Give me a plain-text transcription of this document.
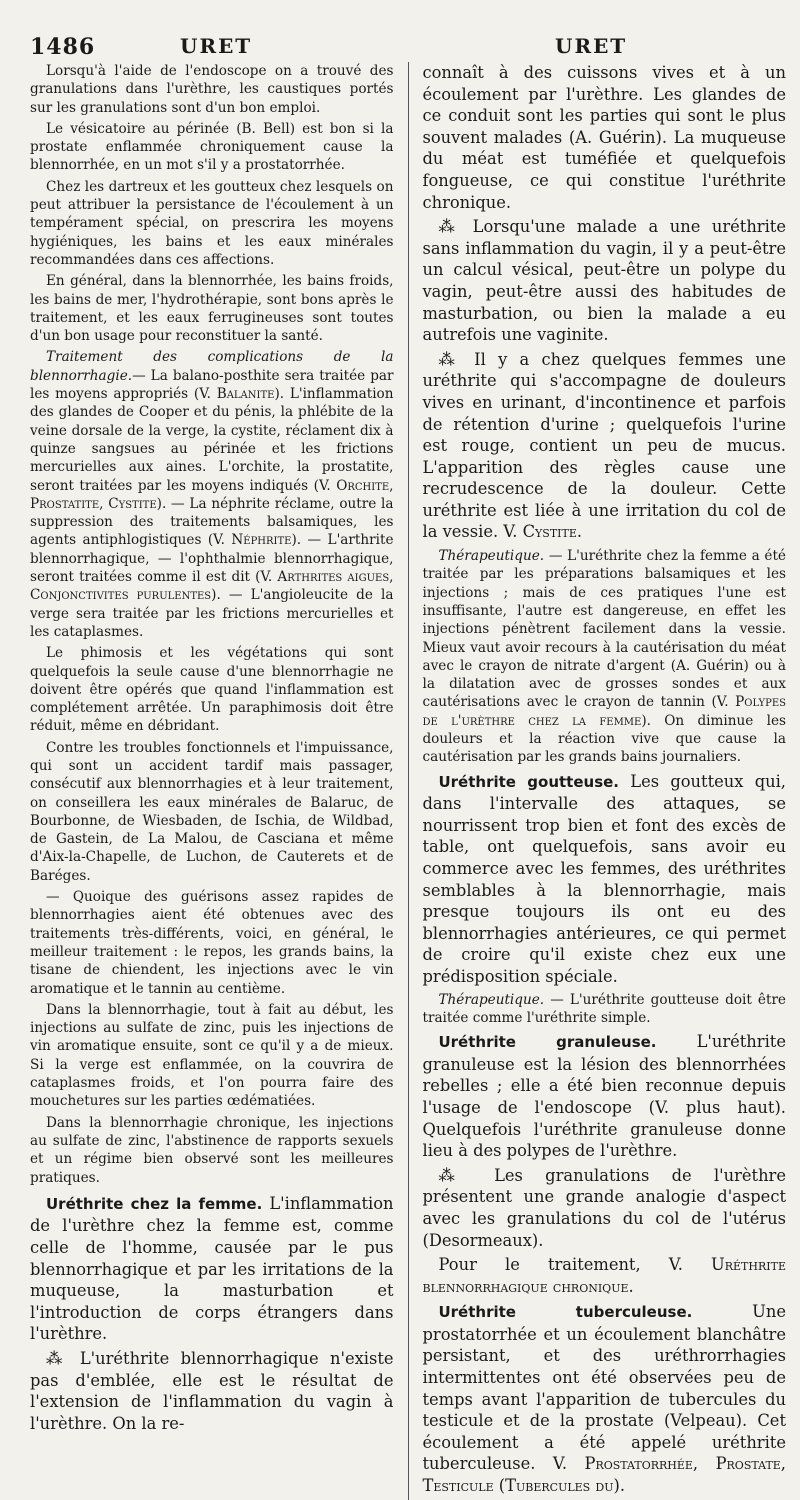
1486	URET	URET

Lorsqu'à l'aide de l'endoscope on a trouvé des granulations dans l'urèthre, les caustiques portés sur les granulations sont d'un bon emploi.

Le vésicatoire au périnée (B. Bell) est bon si la prostate enflammée chroniquement cause la blennorrhée, en un mot s'il y a prostatorrhée.

Chez les dartreux et les goutteux chez lesquels on peut attribuer la persistance de l'écoulement à un tempérament spécial, on prescrira les moyens hygiéniques, les bains et les eaux minérales recommandées dans ces affections.

En général, dans la blennorrhée, les bains froids, les bains de mer, l'hydrothérapie, sont bons après le traitement, et les eaux ferrugineuses sont toutes d'un bon usage pour reconstituer la santé.

Traitement des complications de la blennorrhagie.— La balano-posthite sera traitée par les moyens appropriés (V. Balanite). L'inflammation des glandes de Cooper et du pénis, la phlébite de la veine dorsale de la verge, la cystite, réclament dix à quinze sangsues au périnée et les frictions mercurielles aux aines. L'orchite, la prostatite, seront traitées par les moyens indiqués (V. Orchite, Prostatite, Cystite). — La néphrite réclame, outre la suppression des traitements balsamiques, les agents antiphlogistiques (V. Néphrite). — L'arthrite blennorrhagique, — l'ophthalmie blennorrhagique, seront traitées comme il est dit (V. Arthrites aigues, Conjonctivites purulentes). — L'angioleucite de la verge sera traitée par les frictions mercurielles et les cataplasmes.

Le phimosis et les végétations qui sont quelquefois la seule cause d'une blennorrhagie ne doivent être opérés que quand l'inflammation est complétement arrêtée. Un paraphimosis doit être réduit, même en débridant.

Contre les troubles fonctionnels et l'impuissance, qui sont un accident tardif mais passager, consécutif aux blennorrhagies et à leur traitement, on conseillera les eaux minérales de Balaruc, de Bourbonne, de Wiesbaden, de Ischia, de Wildbad, de Gastein, de La Malou, de Casciana et même d'Aix-la-Chapelle, de Luchon, de Cauterets et de Baréges.

— Quoique des guérisons assez rapides de blennorrhagies aient été obtenues avec des traitements très-différents, voici, en général, le meilleur traitement : le repos, les grands bains, la tisane de chiendent, les injections avec le vin aromatique et le tannin au centième.

Dans la blennorrhagie, tout à fait au début, les injections au sulfate de zinc, puis les injections de vin aromatique ensuite, sont ce qu'il y a de mieux. Si la verge est enflammée, on la couvrira de cataplasmes froids, et l'on pourra faire des mouchetures sur les parties œdématiées.

Dans la blennorrhagie chronique, les injections au sulfate de zinc, l'abstinence de rapports sexuels et un régime bien observé sont les meilleures pratiques.

Uréthrite chez la femme. L'inflammation de l'urèthre chez la femme est, comme celle de l'homme, causée par le pus blennorrhagique et par les irritations de la muqueuse, la masturbation et l'introduction de corps étrangers dans l'urèthre.

⁂ L'uréthrite blennorrhagique n'existe pas d'emblée, elle est le résultat de l'extension de l'inflammation du vagin à l'urèthre. On la re-

connaît à des cuissons vives et à un écoulement par l'urèthre. Les glandes de ce conduit sont les parties qui sont le plus souvent malades (A. Guérin). La muqueuse du méat est tuméfiée et quelquefois fongueuse, ce qui constitue l'uréthrite chronique.

⁂ Lorsqu'une malade a une uréthrite sans inflammation du vagin, il y a peut-être un calcul vésical, peut-être un polype du vagin, peut-être aussi des habitudes de masturbation, ou bien la malade a eu autrefois une vaginite.

⁂ Il y a chez quelques femmes une uréthrite qui s'accompagne de douleurs vives en urinant, d'incontinence et parfois de rétention d'urine ; quelquefois l'urine est rouge, contient un peu de mucus. L'apparition des règles cause une recrudescence de la douleur. Cette uréthrite est liée à une irritation du col de la vessie. V. Cystite.

Thérapeutique. — L'uréthrite chez la femme a été traitée par les préparations balsamiques et les injections ; mais de ces pratiques l'une est insuffisante, l'autre est dangereuse, en effet les injections pénètrent facilement dans la vessie. Mieux vaut avoir recours à la cautérisation du méat avec le crayon de nitrate d'argent (A. Guérin) ou à la dilatation avec de grosses sondes et aux cautérisations avec le crayon de tannin (V. Polypes de l'urèthre chez la femme). On diminue les douleurs et la réaction vive que cause la cautérisation par les grands bains journaliers.

Uréthrite goutteuse. Les goutteux qui, dans l'intervalle des attaques, se nourrissent trop bien et font des excès de table, ont quelquefois, sans avoir eu commerce avec les femmes, des uréthrites semblables à la blennorrhagie, mais presque toujours ils ont eu des blennorrhagies antérieures, ce qui permet de croire qu'il existe chez eux une prédisposition spéciale.

Thérapeutique. — L'uréthrite goutteuse doit être traitée comme l'uréthrite simple.

Uréthrite granuleuse. L'uréthrite granuleuse est la lésion des blennorrhées rebelles ; elle a été bien reconnue depuis l'usage de l'endoscope (V. plus haut). Quelquefois l'uréthrite granuleuse donne lieu à des polypes de l'urèthre.

⁂ Les granulations de l'urèthre présentent une grande analogie d'aspect avec les granulations du col de l'utérus (Desormeaux).

Pour le traitement, V. Uréthrite blennorrhagique chronique.

Uréthrite tuberculeuse. Une prostatorrhée et un écoulement blanchâtre persistant, et des uréthrorrhagies intermittentes ont été observées peu de temps avant l'apparition de tubercules du testicule et de la prostate (Velpeau). Cet écoulement a été appelé uréthrite tuberculeuse. V. Prostatorrhée, Prostate, Testicule (Tubercules du).
